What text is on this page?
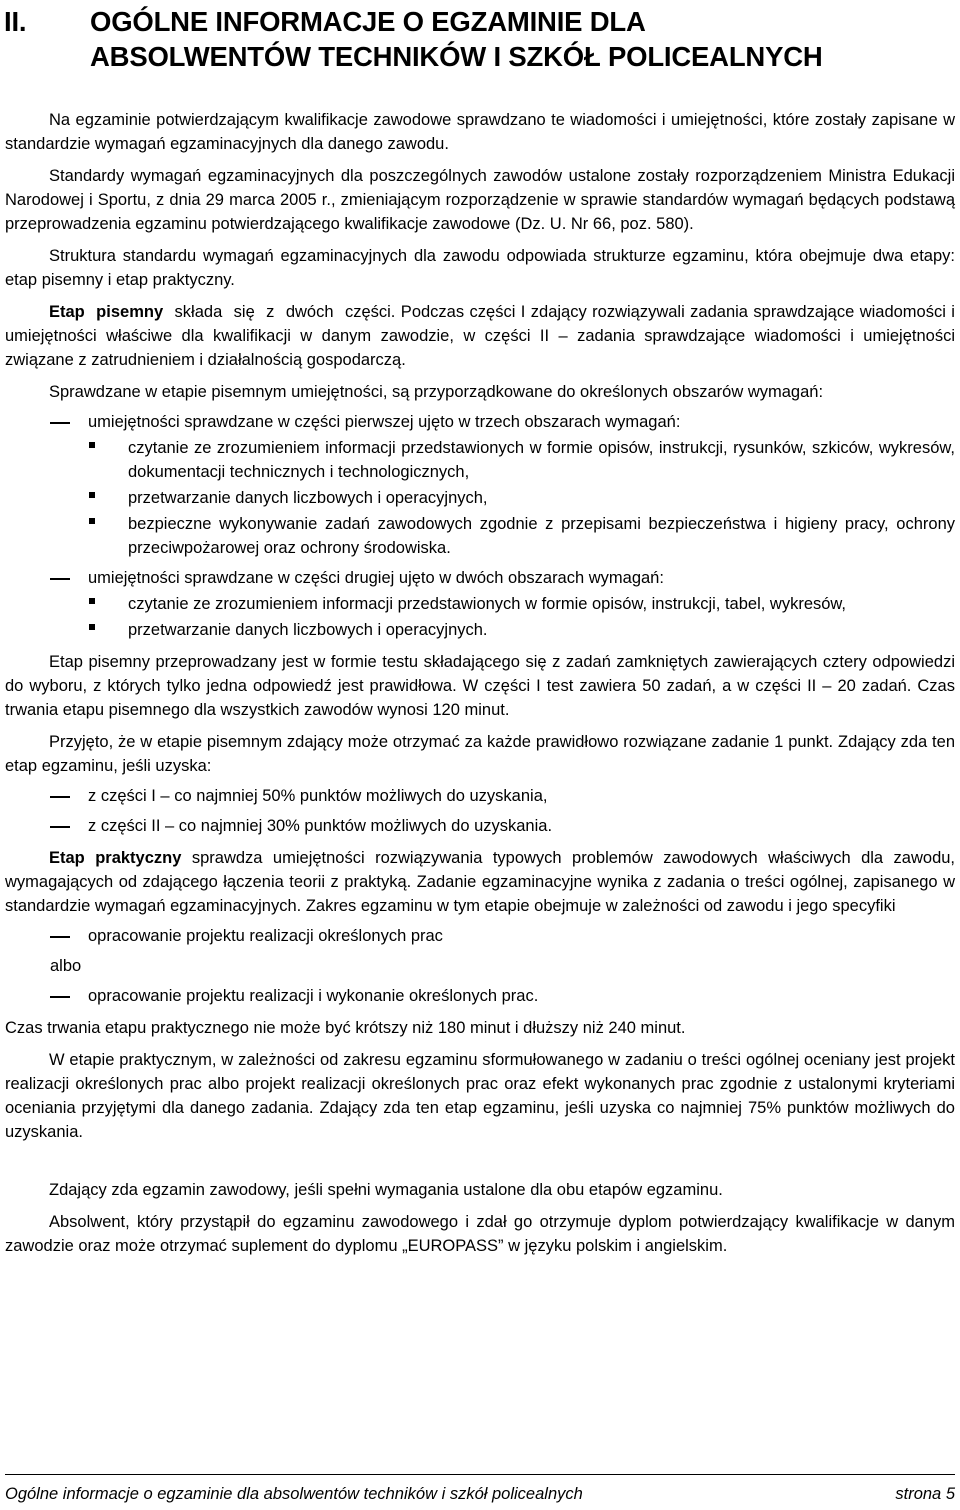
II. OGÓLNE INFORMACJE O EGZAMINIE DLA
ABSOLWENTÓW TECHNIKÓW I SZKÓŁ POLICEALNYCH

Na egzaminie potwierdzającym kwalifikacje zawodowe sprawdzano te wiadomości i umiejętności, które zostały zapisane w standardzie wymagań egzaminacyjnych dla danego zawodu.

Standardy wymagań egzaminacyjnych dla poszczególnych zawodów ustalone zostały rozporządzeniem Ministra Edukacji Narodowej i Sportu, z dnia 29 marca 2005 r., zmieniającym rozporządzenie w sprawie standardów wymagań będących podstawą przeprowadzenia egzaminu potwierdzającego kwalifikacje zawodowe (Dz. U. Nr 66, poz. 580).

Struktura standardu wymagań egzaminacyjnych dla zawodu odpowiada strukturze egzaminu, która obejmuje dwa etapy: etap pisemny i etap praktyczny.

Etap pisemny składa się z dwóch części. Podczas części I zdający rozwiązywali zadania sprawdzające wiadomości i umiejętności właściwe dla kwalifikacji w danym zawodzie, w części II – zadania sprawdzające wiadomości i umiejętności związane z zatrudnieniem i działalnością gospodarczą.

Sprawdzane w etapie pisemnym umiejętności, są przyporządkowane do określonych obszarów wymagań:

umiejętności sprawdzane w części pierwszej ujęto w trzech obszarach wymagań:
czytanie ze zrozumieniem informacji przedstawionych w formie opisów, instrukcji, rysunków, szkiców, wykresów, dokumentacji technicznych i technologicznych,
przetwarzanie danych liczbowych i operacyjnych,
bezpieczne wykonywanie zadań zawodowych zgodnie z przepisami bezpieczeństwa i higieny pracy, ochrony przeciwpożarowej oraz ochrony środowiska.
umiejętności sprawdzane w części drugiej ujęto w dwóch obszarach wymagań:
czytanie ze zrozumieniem informacji przedstawionych w formie opisów, instrukcji, tabel, wykresów,
przetwarzanie danych liczbowych i operacyjnych.

Etap pisemny przeprowadzany jest w formie testu składającego się z zadań zamkniętych zawierających cztery odpowiedzi do wyboru, z których tylko jedna odpowiedź jest prawidłowa. W części I test zawiera 50 zadań, a w części II – 20 zadań. Czas trwania etapu pisemnego dla wszystkich zawodów wynosi 120 minut.

Przyjęto, że w etapie pisemnym zdający może otrzymać za każde prawidłowo rozwiązane zadanie 1 punkt. Zdający zda ten etap egzaminu, jeśli uzyska:

z części I – co najmniej 50% punktów możliwych do uzyskania,
z części II – co najmniej 30% punktów możliwych do uzyskania.

Etap praktyczny sprawdza umiejętności rozwiązywania typowych problemów zawodowych właściwych dla zawodu, wymagających od zdającego łączenia teorii z praktyką. Zadanie egzaminacyjne wynika z zadania o treści ogólnej, zapisanego w standardzie wymagań egzaminacyjnych. Zakres egzaminu w tym etapie obejmuje w zależności od zawodu i jego specyfiki

opracowanie projektu realizacji określonych prac

albo

opracowanie projektu realizacji i wykonanie określonych prac.

Czas trwania etapu praktycznego nie może być krótszy niż 180 minut i dłuższy niż 240 minut.

W etapie praktycznym, w zależności od zakresu egzaminu sformułowanego w zadaniu o treści ogólnej oceniany jest projekt realizacji określonych prac albo projekt realizacji określonych prac oraz efekt wykonanych prac zgodnie z ustalonymi kryteriami oceniania przyjętymi dla danego zadania. Zdający zda ten etap egzaminu, jeśli uzyska co najmniej 75% punktów możliwych do uzyskania.

Zdający zda egzamin zawodowy, jeśli spełni wymagania ustalone dla obu etapów egzaminu.

Absolwent, który przystąpił do egzaminu zawodowego i zdał go otrzymuje dyplom potwierdzający kwalifikacje w danym zawodzie oraz może otrzymać suplement do dyplomu „EUROPASS” w języku polskim i angielskim.

Ogólne informacje o egzaminie dla absolwentów techników i szkół policealnych	strona 5
